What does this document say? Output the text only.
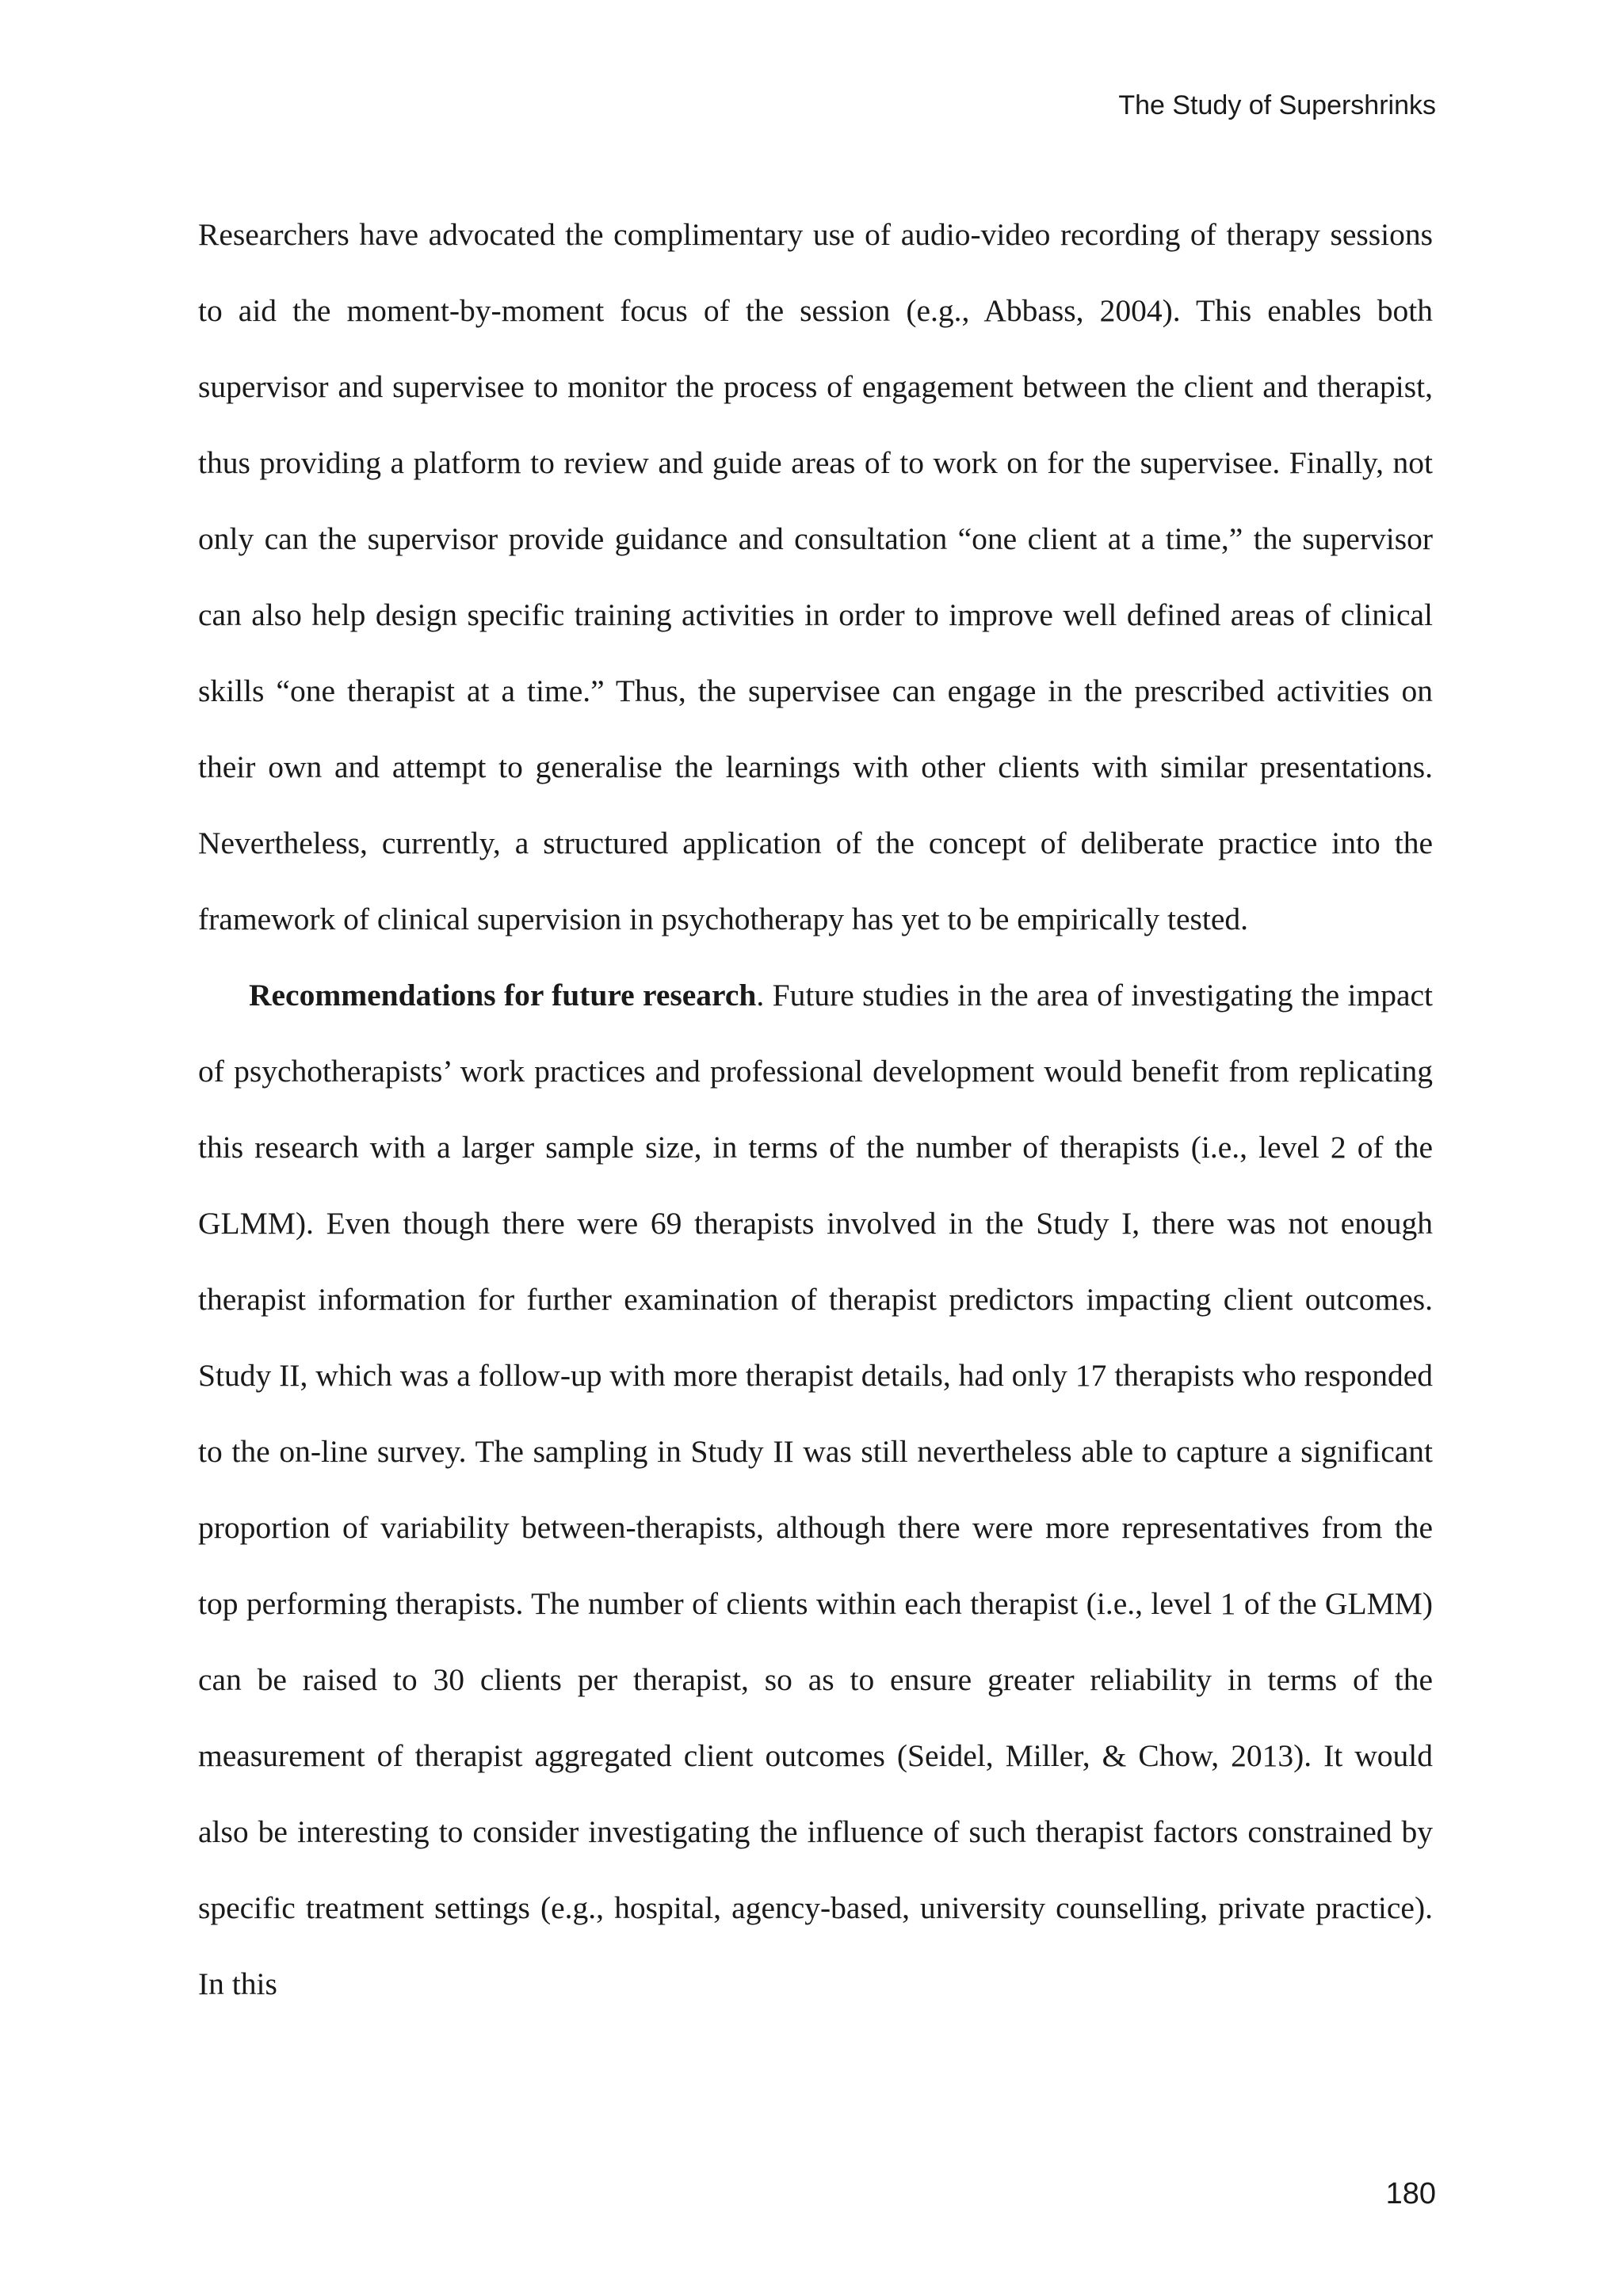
The Study of Supershrinks

Researchers have advocated the complimentary use of audio-video recording of therapy sessions to aid the moment-by-moment focus of the session (e.g., Abbass, 2004). This enables both supervisor and supervisee to monitor the process of engagement between the client and therapist, thus providing a platform to review and guide areas of to work on for the supervisee. Finally, not only can the supervisor provide guidance and consultation “one client at a time,” the supervisor can also help design specific training activities in order to improve well defined areas of clinical skills “one therapist at a time.” Thus, the supervisee can engage in the prescribed activities on their own and attempt to generalise the learnings with other clients with similar presentations. Nevertheless, currently, a structured application of the concept of deliberate practice into the framework of clinical supervision in psychotherapy has yet to be empirically tested.

Recommendations for future research. Future studies in the area of investigating the impact of psychotherapists’ work practices and professional development would benefit from replicating this research with a larger sample size, in terms of the number of therapists (i.e., level 2 of the GLMM). Even though there were 69 therapists involved in the Study I, there was not enough therapist information for further examination of therapist predictors impacting client outcomes. Study II, which was a follow-up with more therapist details, had only 17 therapists who responded to the on-line survey. The sampling in Study II was still nevertheless able to capture a significant proportion of variability between-therapists, although there were more representatives from the top performing therapists. The number of clients within each therapist (i.e., level 1 of the GLMM) can be raised to 30 clients per therapist, so as to ensure greater reliability in terms of the measurement of therapist aggregated client outcomes (Seidel, Miller, & Chow, 2013). It would also be interesting to consider investigating the influence of such therapist factors constrained by specific treatment settings (e.g., hospital, agency-based, university counselling, private practice). In this

180
